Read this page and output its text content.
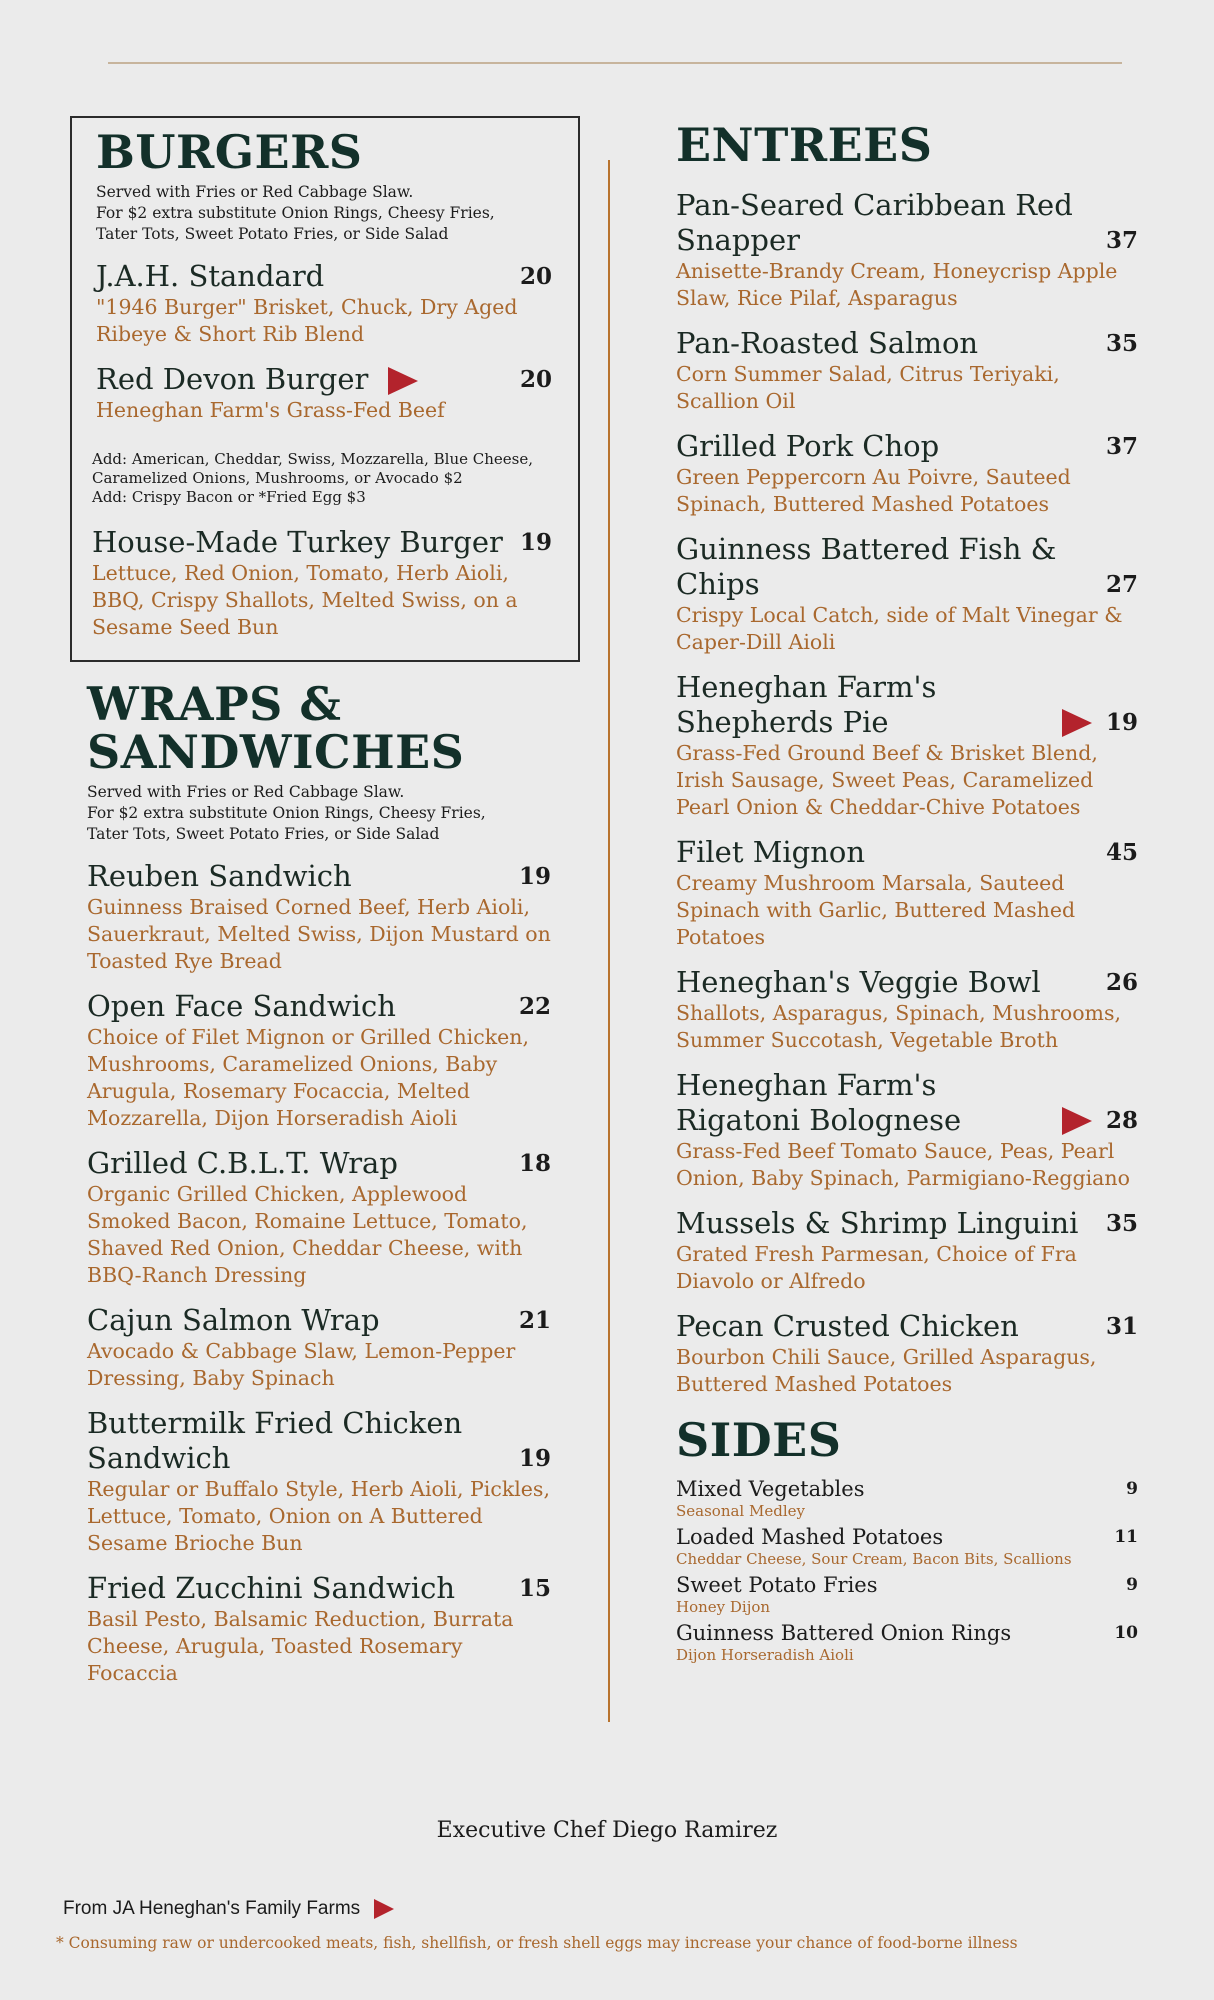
BURGERS
Served with Fries or Red Cabbage Slaw.
For $2 extra substitute Onion Rings, Cheesy Fries,
Tater Tots, Sweet Potato Fries, or Side Salad
J.A.H. Standard	20
"1946 Burger" Brisket, Chuck, Dry Aged Ribeye & Short Rib Blend
Red Devon Burger	20
Heneghan Farm's Grass-Fed Beef
Add: American, Cheddar, Swiss, Mozzarella, Blue Cheese,
Caramelized Onions, Mushrooms, or Avocado $2
Add: Crispy Bacon or *Fried Egg $3
House-Made Turkey Burger 19
Lettuce, Red Onion, Tomato, Herb Aioli, BBQ, Crispy Shallots, Melted Swiss, on a Sesame Seed Bun
WRAPS &
SANDWICHES
Served with Fries or Red Cabbage Slaw.
For $2 extra substitute Onion Rings, Cheesy Fries,
Tater Tots, Sweet Potato Fries, or Side Salad
Reuben Sandwich	19
Guinness Braised Corned Beef, Herb Aioli, Sauerkraut, Melted Swiss, Dijon Mustard on Toasted Rye Bread
Open Face Sandwich	22
Choice of Filet Mignon or Grilled Chicken, Mushrooms, Caramelized Onions, Baby Arugula, Rosemary Focaccia, Melted Mozzarella, Dijon Horseradish Aioli
Grilled C.B.L.T. Wrap	18
Organic Grilled Chicken, Applewood Smoked Bacon, Romaine Lettuce, Tomato, Shaved Red Onion, Cheddar Cheese, with BBQ-Ranch Dressing
Cajun Salmon Wrap	21
Avocado & Cabbage Slaw, Lemon-Pepper Dressing, Baby Spinach
Buttermilk Fried Chicken Sandwich	19
Regular or Buffalo Style, Herb Aioli, Pickles, Lettuce, Tomato, Onion on A Buttered Sesame Brioche Bun
Fried Zucchini Sandwich	15
Basil Pesto, Balsamic Reduction, Burrata Cheese, Arugula, Toasted Rosemary Focaccia
ENTREES
Pan-Seared Caribbean Red Snapper	37
Anisette-Brandy Cream, Honeycrisp Apple Slaw, Rice Pilaf, Asparagus
Pan-Roasted Salmon	35
Corn Summer Salad, Citrus Teriyaki, Scallion Oil
Grilled Pork Chop	37
Green Peppercorn Au Poivre, Sauteed Spinach, Buttered Mashed Potatoes
Guinness Battered Fish & Chips	27
Crispy Local Catch, side of Malt Vinegar & Caper-Dill Aioli
Heneghan Farm's Shepherds Pie	19
Grass-Fed Ground Beef & Brisket Blend, Irish Sausage, Sweet Peas, Caramelized Pearl Onion & Cheddar-Chive Potatoes
Filet Mignon	45
Creamy Mushroom Marsala, Sauteed Spinach with Garlic, Buttered Mashed Potatoes
Heneghan's Veggie Bowl	26
Shallots, Asparagus, Spinach, Mushrooms, Summer Succotash, Vegetable Broth
Heneghan Farm's Rigatoni Bolognese	28
Grass-Fed Beef Tomato Sauce, Peas, Pearl Onion, Baby Spinach, Parmigiano-Reggiano
Mussels & Shrimp Linguini 35
Grated Fresh Parmesan, Choice of Fra Diavolo or Alfredo
Pecan Crusted Chicken	31
Bourbon Chili Sauce, Grilled Asparagus, Buttered Mashed Potatoes
SIDES
Mixed Vegetables	9
Seasonal Medley
Loaded Mashed Potatoes	11
Cheddar Cheese, Sour Cream, Bacon Bits, Scallions
Sweet Potato Fries	9
Honey Dijon
Guinness Battered Onion Rings	10
Dijon Horseradish Aioli
Executive Chef Diego Ramirez
From JA Heneghan's Family Farms
* Consuming raw or undercooked meats, fish, shellfish, or fresh shell eggs may increase your chance of food-borne illness
